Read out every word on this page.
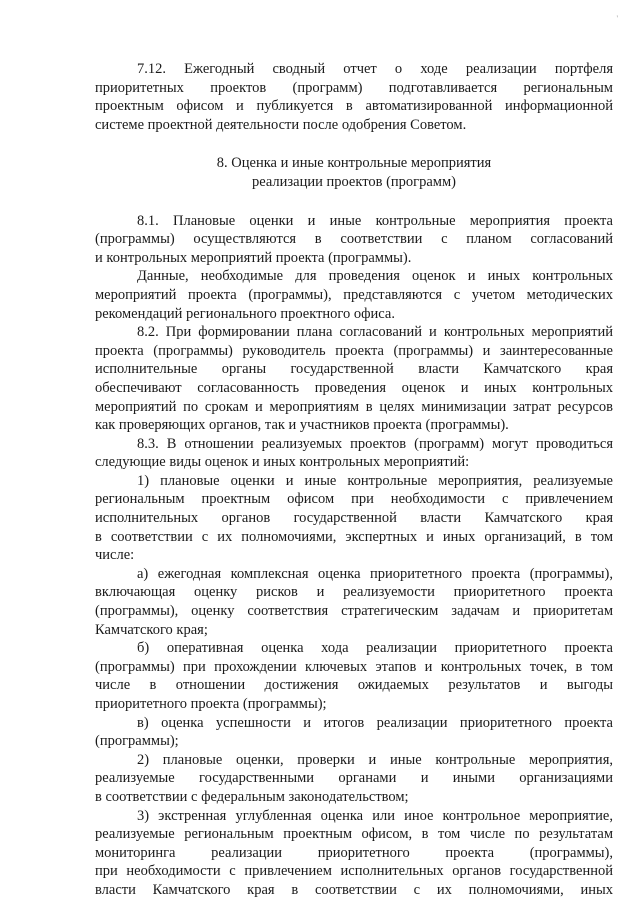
'
7.12. Ежегодный сводный отчет о ходе реализации портфеля
приоритетных проектов (программ) подготавливается региональным
проектным офисом и публикуется в автоматизированной информационной
системе проектной деятельности после одобрения Советом.
8. Оценка и иные контрольные мероприятия
реализации проектов (программ)
8.1. Плановые оценки и иные контрольные мероприятия проекта
(программы) осуществляются в соответствии с планом согласований
и контрольных мероприятий проекта (программы).
Данные, необходимые для проведения оценок и иных контрольных
мероприятий проекта (программы), представляются с учетом методических
рекомендаций регионального проектного офиса.
8.2. При формировании плана согласований и контрольных мероприятий
проекта (программы) руководитель проекта (программы) и заинтересованные
исполнительные органы государственной власти Камчатского края
обеспечивают согласованность проведения оценок и иных контрольных
мероприятий по срокам и мероприятиям в целях минимизации затрат ресурсов
как проверяющих органов, так и участников проекта (программы).
8.3. В отношении реализуемых проектов (программ) могут проводиться
следующие виды оценок и иных контрольных мероприятий:
1) плановые оценки и иные контрольные мероприятия, реализуемые
региональным проектным офисом при необходимости с привлечением
исполнительных органов государственной власти Камчатского края
в соответствии с их полномочиями, экспертных и иных организаций, в том
числе:
а) ежегодная комплексная оценка приоритетного проекта (программы),
включающая оценку рисков и реализуемости приоритетного проекта
(программы), оценку соответствия стратегическим задачам и приоритетам
Камчатского края;
б) оперативная оценка хода реализации приоритетного проекта
(программы) при прохождении ключевых этапов и контрольных точек, в том
числе в отношении достижения ожидаемых результатов и выгоды
приоритетного проекта (программы);
в) оценка успешности и итогов реализации приоритетного проекта
(программы);
2) плановые оценки, проверки и иные контрольные мероприятия,
реализуемые государственными органами и иными организациями
в соответствии с федеральным законодательством;
3) экстренная углубленная оценка или иное контрольное мероприятие,
реализуемые региональным проектным офисом, в том числе по результатам
мониторинга реализации приоритетного проекта (программы),
при необходимости с привлечением исполнительных органов государственной
власти Камчатского края в соответствии с их полномочиями, иных
